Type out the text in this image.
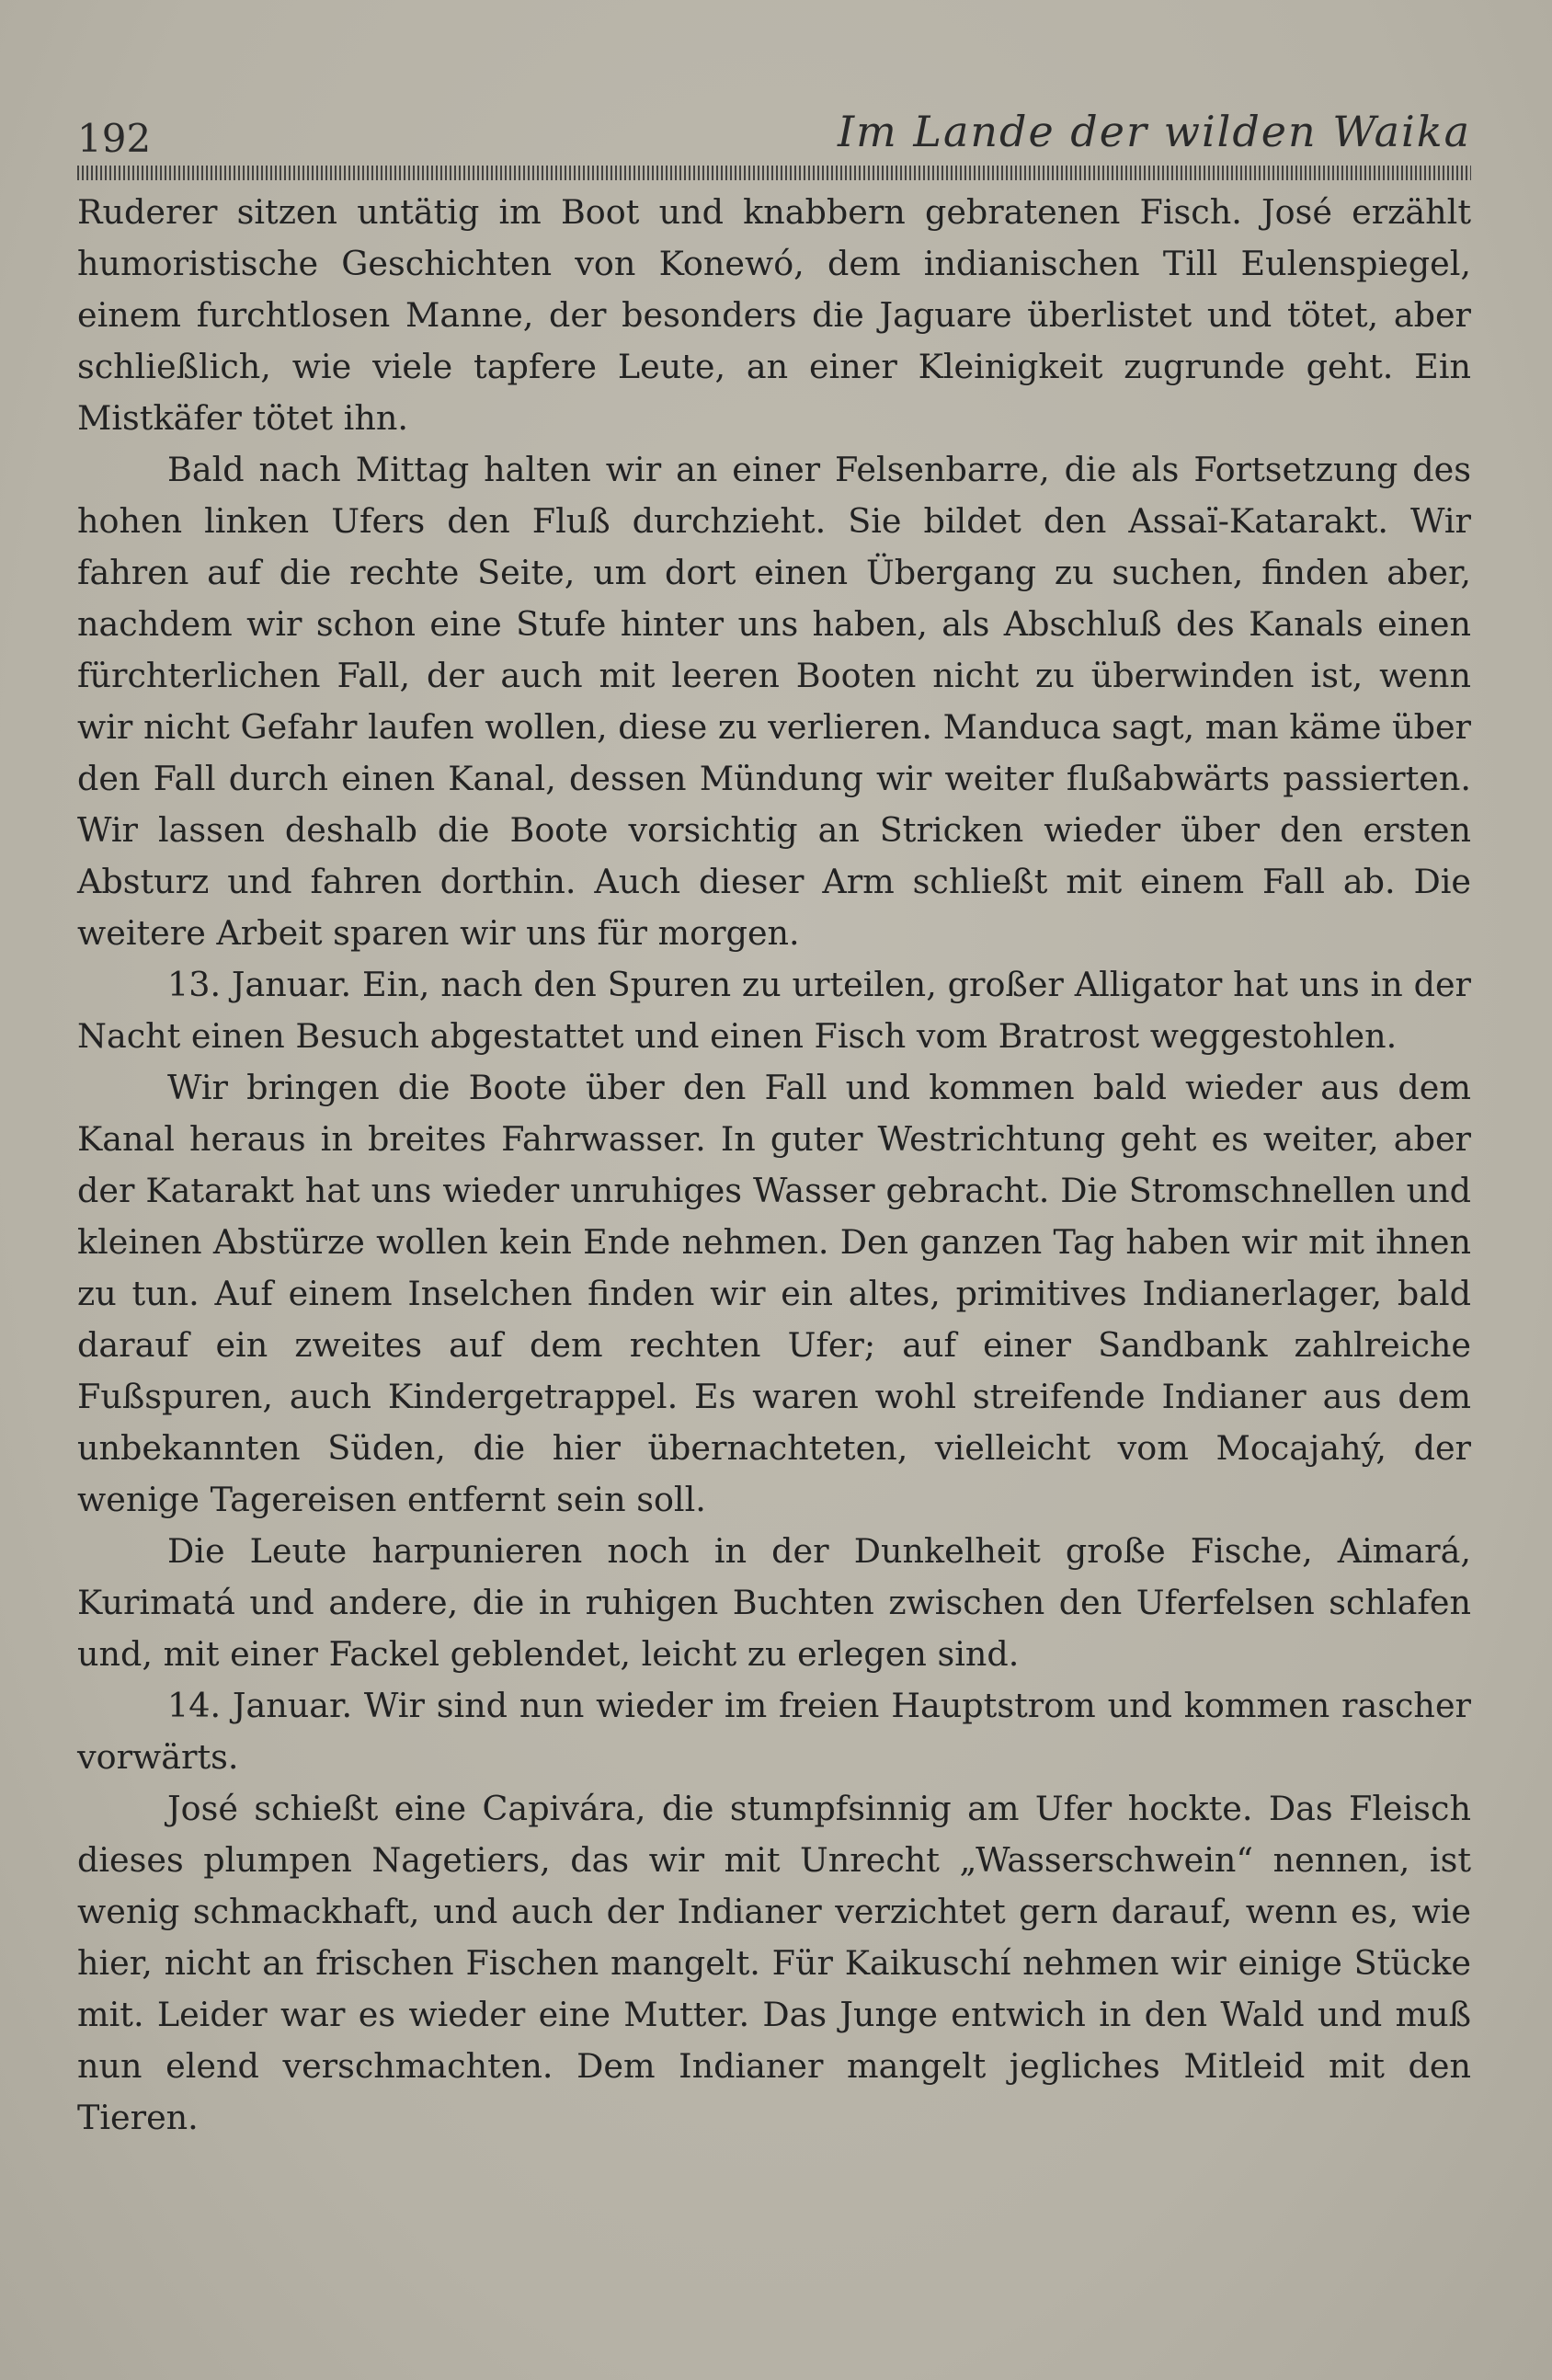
192	Im Lande der wilden Waika

Ruderer sitzen untätig im Boot und knabbern gebratenen Fisch. José erzählt humoristische Geschichten von Konewó, dem indianischen Till Eulenspiegel, einem furchtlosen Manne, der besonders die Jaguare überlistet und tötet, aber schließlich, wie viele tapfere Leute, an einer Kleinigkeit zugrunde geht. Ein Mistkäfer tötet ihn.

Bald nach Mittag halten wir an einer Felsenbarre, die als Fortsetzung des hohen linken Ufers den Fluß durchzieht. Sie bildet den Assaï-Katarakt. Wir fahren auf die rechte Seite, um dort einen Übergang zu suchen, finden aber, nachdem wir schon eine Stufe hinter uns haben, als Abschluß des Kanals einen fürchterlichen Fall, der auch mit leeren Booten nicht zu überwinden ist, wenn wir nicht Gefahr laufen wollen, diese zu verlieren. Manduca sagt, man käme über den Fall durch einen Kanal, dessen Mündung wir weiter flußabwärts passierten. Wir lassen deshalb die Boote vorsichtig an Stricken wieder über den ersten Absturz und fahren dorthin. Auch dieser Arm schließt mit einem Fall ab. Die weitere Arbeit sparen wir uns für morgen.

13. Januar. Ein, nach den Spuren zu urteilen, großer Alligator hat uns in der Nacht einen Besuch abgestattet und einen Fisch vom Bratrost weggestohlen.

Wir bringen die Boote über den Fall und kommen bald wieder aus dem Kanal heraus in breites Fahrwasser. In guter Westrichtung geht es weiter, aber der Katarakt hat uns wieder unruhiges Wasser gebracht. Die Stromschnellen und kleinen Abstürze wollen kein Ende nehmen. Den ganzen Tag haben wir mit ihnen zu tun. Auf einem Inselchen finden wir ein altes, primitives Indianerlager, bald darauf ein zweites auf dem rechten Ufer; auf einer Sandbank zahlreiche Fußspuren, auch Kindergetrappel. Es waren wohl streifende Indianer aus dem unbekannten Süden, die hier übernachteten, vielleicht vom Mocajahý, der wenige Tagereisen entfernt sein soll.

Die Leute harpunieren noch in der Dunkelheit große Fische, Aimará, Kurimatá und andere, die in ruhigen Buchten zwischen den Uferfelsen schlafen und, mit einer Fackel geblendet, leicht zu erlegen sind.

14. Januar. Wir sind nun wieder im freien Hauptstrom und kommen rascher vorwärts.

José schießt eine Capivára, die stumpfsinnig am Ufer hockte. Das Fleisch dieses plumpen Nagetiers, das wir mit Unrecht „Wasserschwein“ nennen, ist wenig schmackhaft, und auch der Indianer verzichtet gern darauf, wenn es, wie hier, nicht an frischen Fischen mangelt. Für Kaikuschí nehmen wir einige Stücke mit. Leider war es wieder eine Mutter. Das Junge entwich in den Wald und muß nun elend verschmachten. Dem Indianer mangelt jegliches Mitleid mit den Tieren.
